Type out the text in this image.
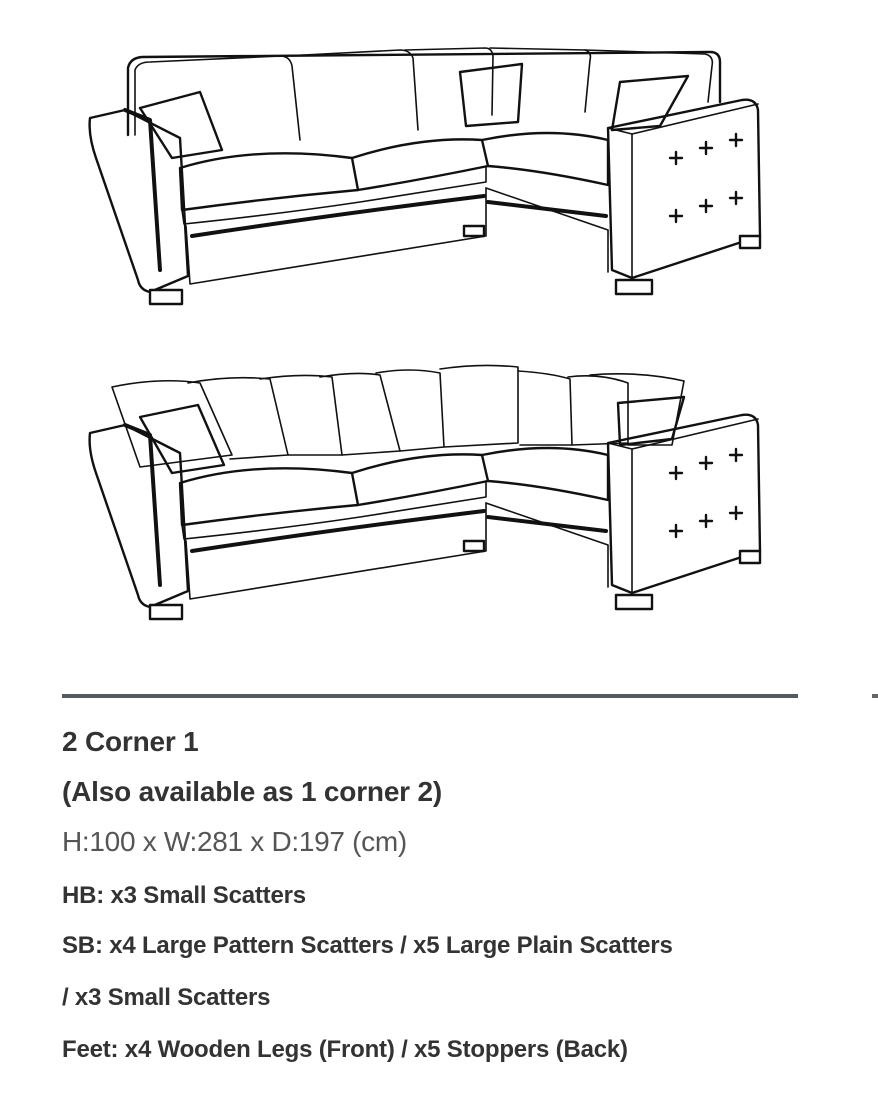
2 Corner 1
(Also available as 1 corner 2)
H:100 x W:281 x D:197 (cm)
HB: x3 Small Scatters
SB: x4 Large Pattern Scatters / x5 Large Plain Scatters
/ x3 Small Scatters
Feet: x4 Wooden Legs (Front) / x5 Stoppers (Back)
